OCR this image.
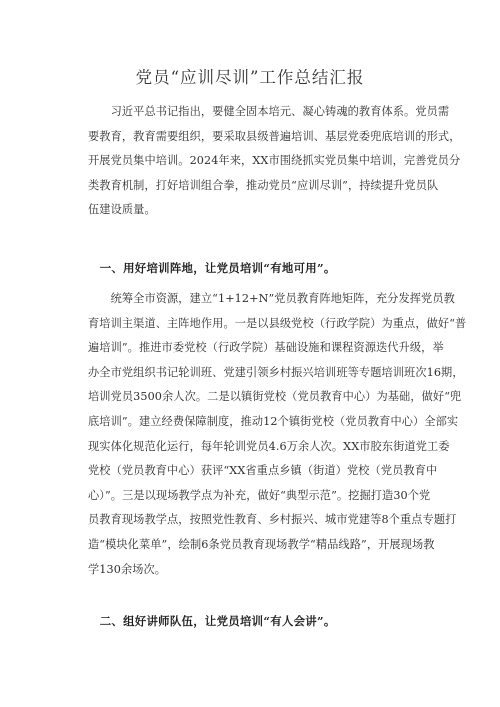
党员“应训尽训”工作总结汇报
　　习近平总书记指出，要健全固本培元、凝心铸魂的教育体系。党员需
要教育，教育需要组织，要采取县级普遍培训、基层党委兜底培训的形式，
开展党员集中培训。2024年来，XX市围绕抓实党员集中培训，完善党员分
类教育机制，打好培训组合拳，推动党员“应训尽训”，持续提升党员队
伍建设质量。
　一、用好培训阵地，让党员培训“有地可用”。
　　统筹全市资源，建立“1+12+N”党员教育阵地矩阵，充分发挥党员教
育培训主渠道、主阵地作用。一是以县级党校（行政学院）为重点，做好“普
遍培训”。推进市委党校（行政学院）基础设施和课程资源迭代升级，举
办全市党组织书记轮训班、党建引领乡村振兴培训班等专题培训班次16期，
培训党员3500余人次。二是以镇街党校（党员教育中心）为基础，做好“兜
底培训”。建立经费保障制度，推动12个镇街党校（党员教育中心）全部实
现实体化规范化运行，每年轮训党员4.6万余人次。XX市胶东街道党工委
党校（党员教育中心）获评“XX省重点乡镇（街道）党校（党员教育中
心）”。三是以现场教学点为补充，做好“典型示范”。挖掘打造30个党
员教育现场教学点，按照党性教育、乡村振兴、城市党建等8个重点专题打
造“模块化菜单”，绘制6条党员教育现场教学“精品线路”，开展现场教
学130余场次。
　二、组好讲师队伍，让党员培训“有人会讲”。
